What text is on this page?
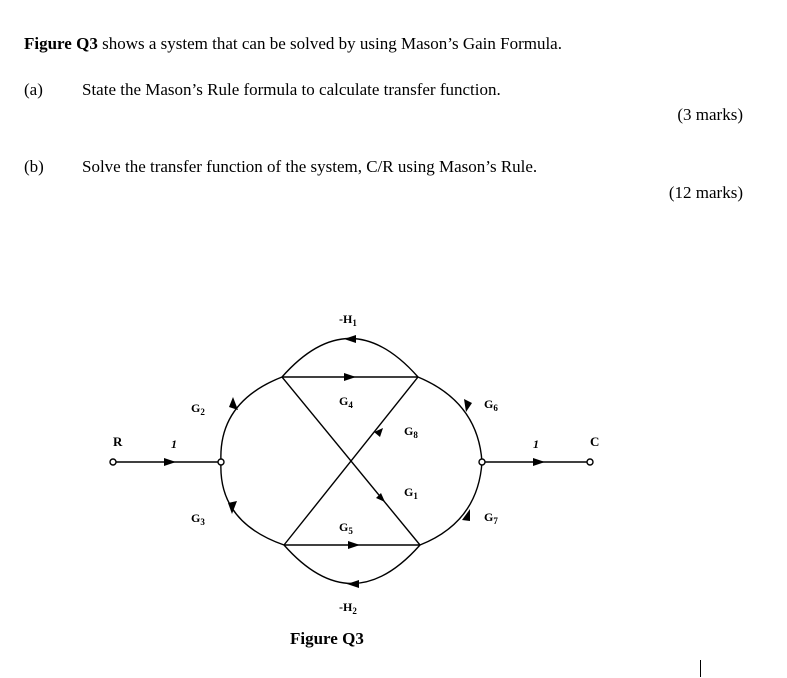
Figure Q3 shows a system that can be solved by using Mason’s Gain Formula.
(a) State the Mason’s Rule formula to calculate transfer function.
(3 marks)
(b) Solve the transfer function of the system, C/R using Mason’s Rule.
(12 marks)
R	C
1	1
$-H_1$
$-H_2$
$G_2$
$G_3$
$G_4$
$G_5$
$G_6$
$G_7$
$G_8$
$G_1$
Figure Q3
